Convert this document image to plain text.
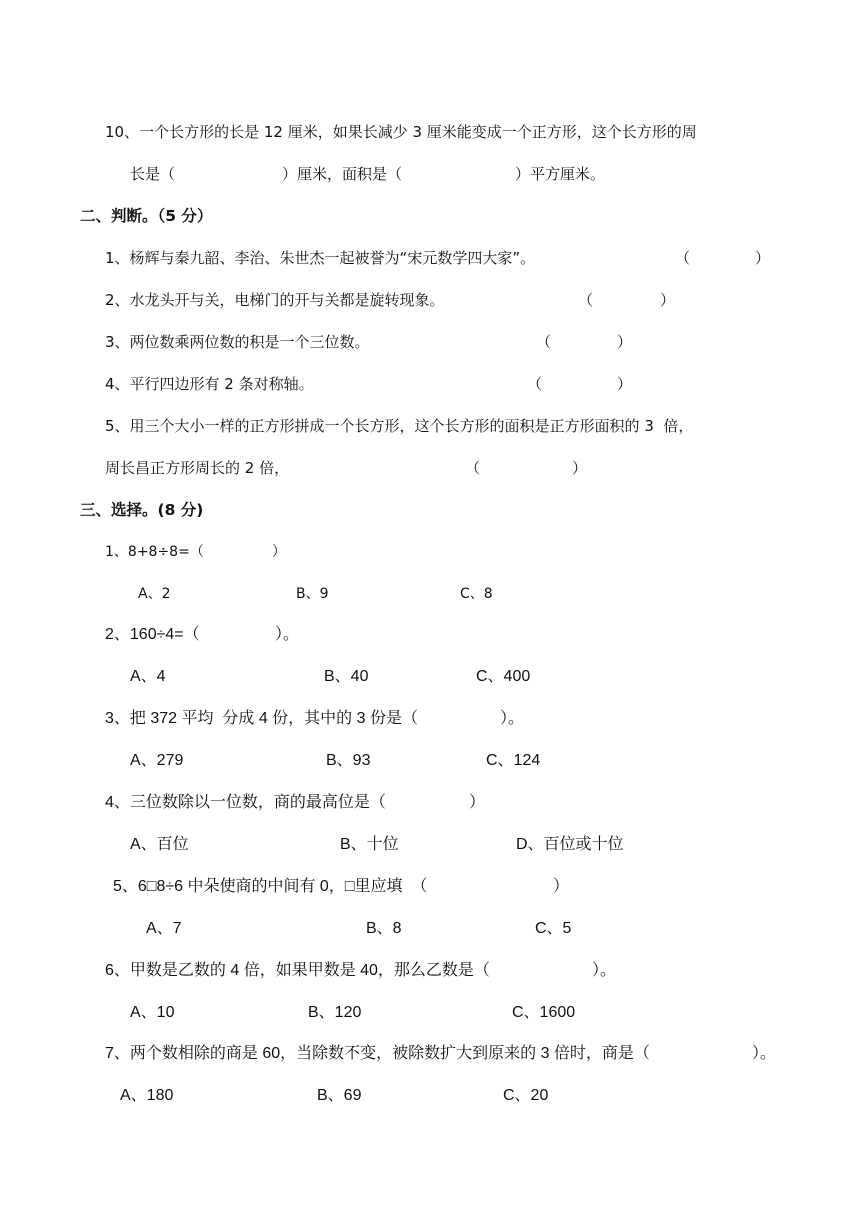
10、一个长方形的长是 12 厘米，如果长减少 3 厘米能变成一个正方形，这个长方形的周
长是（	）厘米，面积是（	）平方厘米。
二、判断。（5 分）
1、杨辉与秦九韶、李治、朱世杰一起被誉为“宋元数学四大家”。	（	）
2、水龙头开与关，电梯门的开与关都是旋转现象。	（	）
3、两位数乘两位数的积是一个三位数。	（	）
4、平行四边形有 2 条对称轴。	（	）
5、用三个大小一样的正方形拼成一个长方形，这个长方形的面积是正方形面积的 3  倍，
周长昌正方形周长的 2 倍，	（	）
三、选择。(8 分)
1、8+8÷8=（	）
A、2	B、9	C、8
2、160÷4=（	）。
A、4	B、40	C、400
3、把 372 平均  分成 4 份，其中的 3 份是（	）。
A、279	B、93	C、124
4、三位数除以一位数，商的最高位是（	）
A、百位	B、十位	D、百位或十位
5、6□8÷6 中朵使商的中间有 0，□里应填  （	）
A、7	B、8	C、5
6、甲数是乙数的 4 倍，如果甲数是 40，那么乙数是（	）。
A、10	B、120	C、1600
7、两个数相除的商是 60，当除数不变，被除数扩大到原来的 3 倍时，商是（	）。
A、180	B、69	C、20
